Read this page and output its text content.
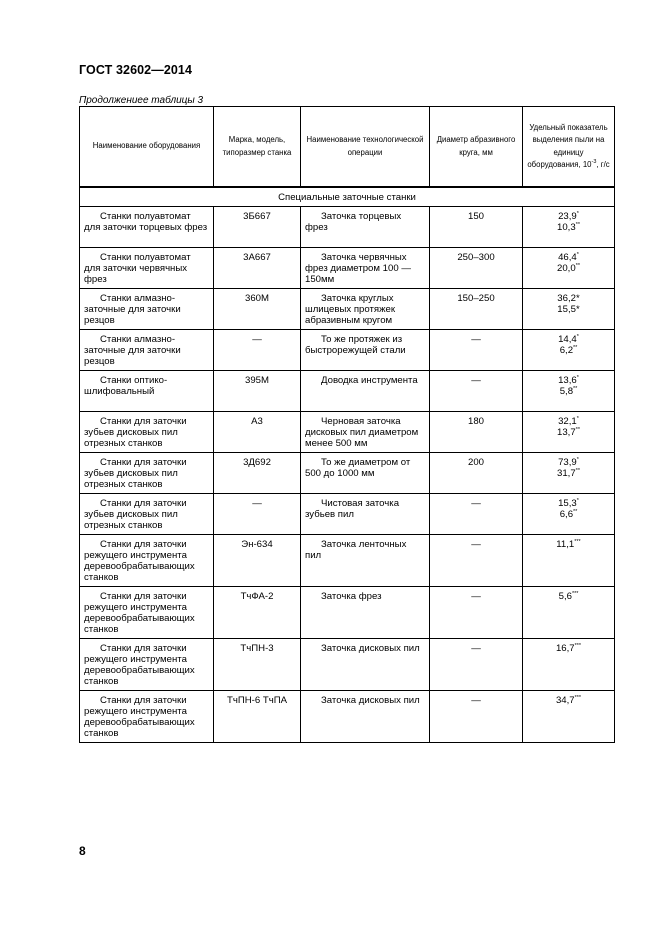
ГОСТ 32602—2014
Продолжениеe таблицы 3
Наименование оборудования	Марка, модель, типоразмер станка	Наименование технологической операции	Диаметр абразивного круга, мм	Удельный показатель выделения пыли на единицу оборудования, $10^{-3}$, г/с
Специальные заточные станки				
Станки полуавтомат для заточки торцевых фрез	3Б667	Заточка торцевых фрез	150	23,9*
10,3**

Станки полуавтомат для заточки червячных фрез	3А667	Заточка червячных фрез диаметром 100 — 150мм	250–300	46,4*
20,0**

Станки алмазно-заточные для заточки резцов	360М	Заточка круглых шлицевых протяжек абразивным кругом	150–250	36,2*
15,5*

Станки алмазно-заточные для заточки резцов	—	То же протяжек из быстрорежущей стали	—	14,4*
6,2**

Станки оптико-шлифовальный	395М	Доводка инструмента	—	13,6*
5,8**

Станки для заточки зубьев дисковых пил отрезных станков	А3	Черновая заточка дисковых пил диаметром менее 500 мм	180	32,1*
13,7**

Станки для заточки зубьев дисковых пил отрезных станков	3Д692	То же диаметром от 500 до 1000 мм	200	73,9*
31,7**

Станки для заточки зубьев дисковых пил отрезных станков	—	Чистовая заточка зубьев пил	—	15,3*
6,6**

Станки для заточки режущего инструмента деревообрабатывающих станков	Эн-634	Заточка ленточных пил	—	11,1***

Станки для заточки режущего инструмента деревообрабатывающих станков	ТчФА-2	Заточка фрез	—	5,6***

Станки для заточки режущего инструмента деревообрабатывающих станков	ТчПН-3	Заточка дисковых пил	—	16,7***

Станки для заточки режущего инструмента деревообрабатывающих станков	ТчПН-6 ТчПА	Заточка дисковых пил	—	34,7***
8
